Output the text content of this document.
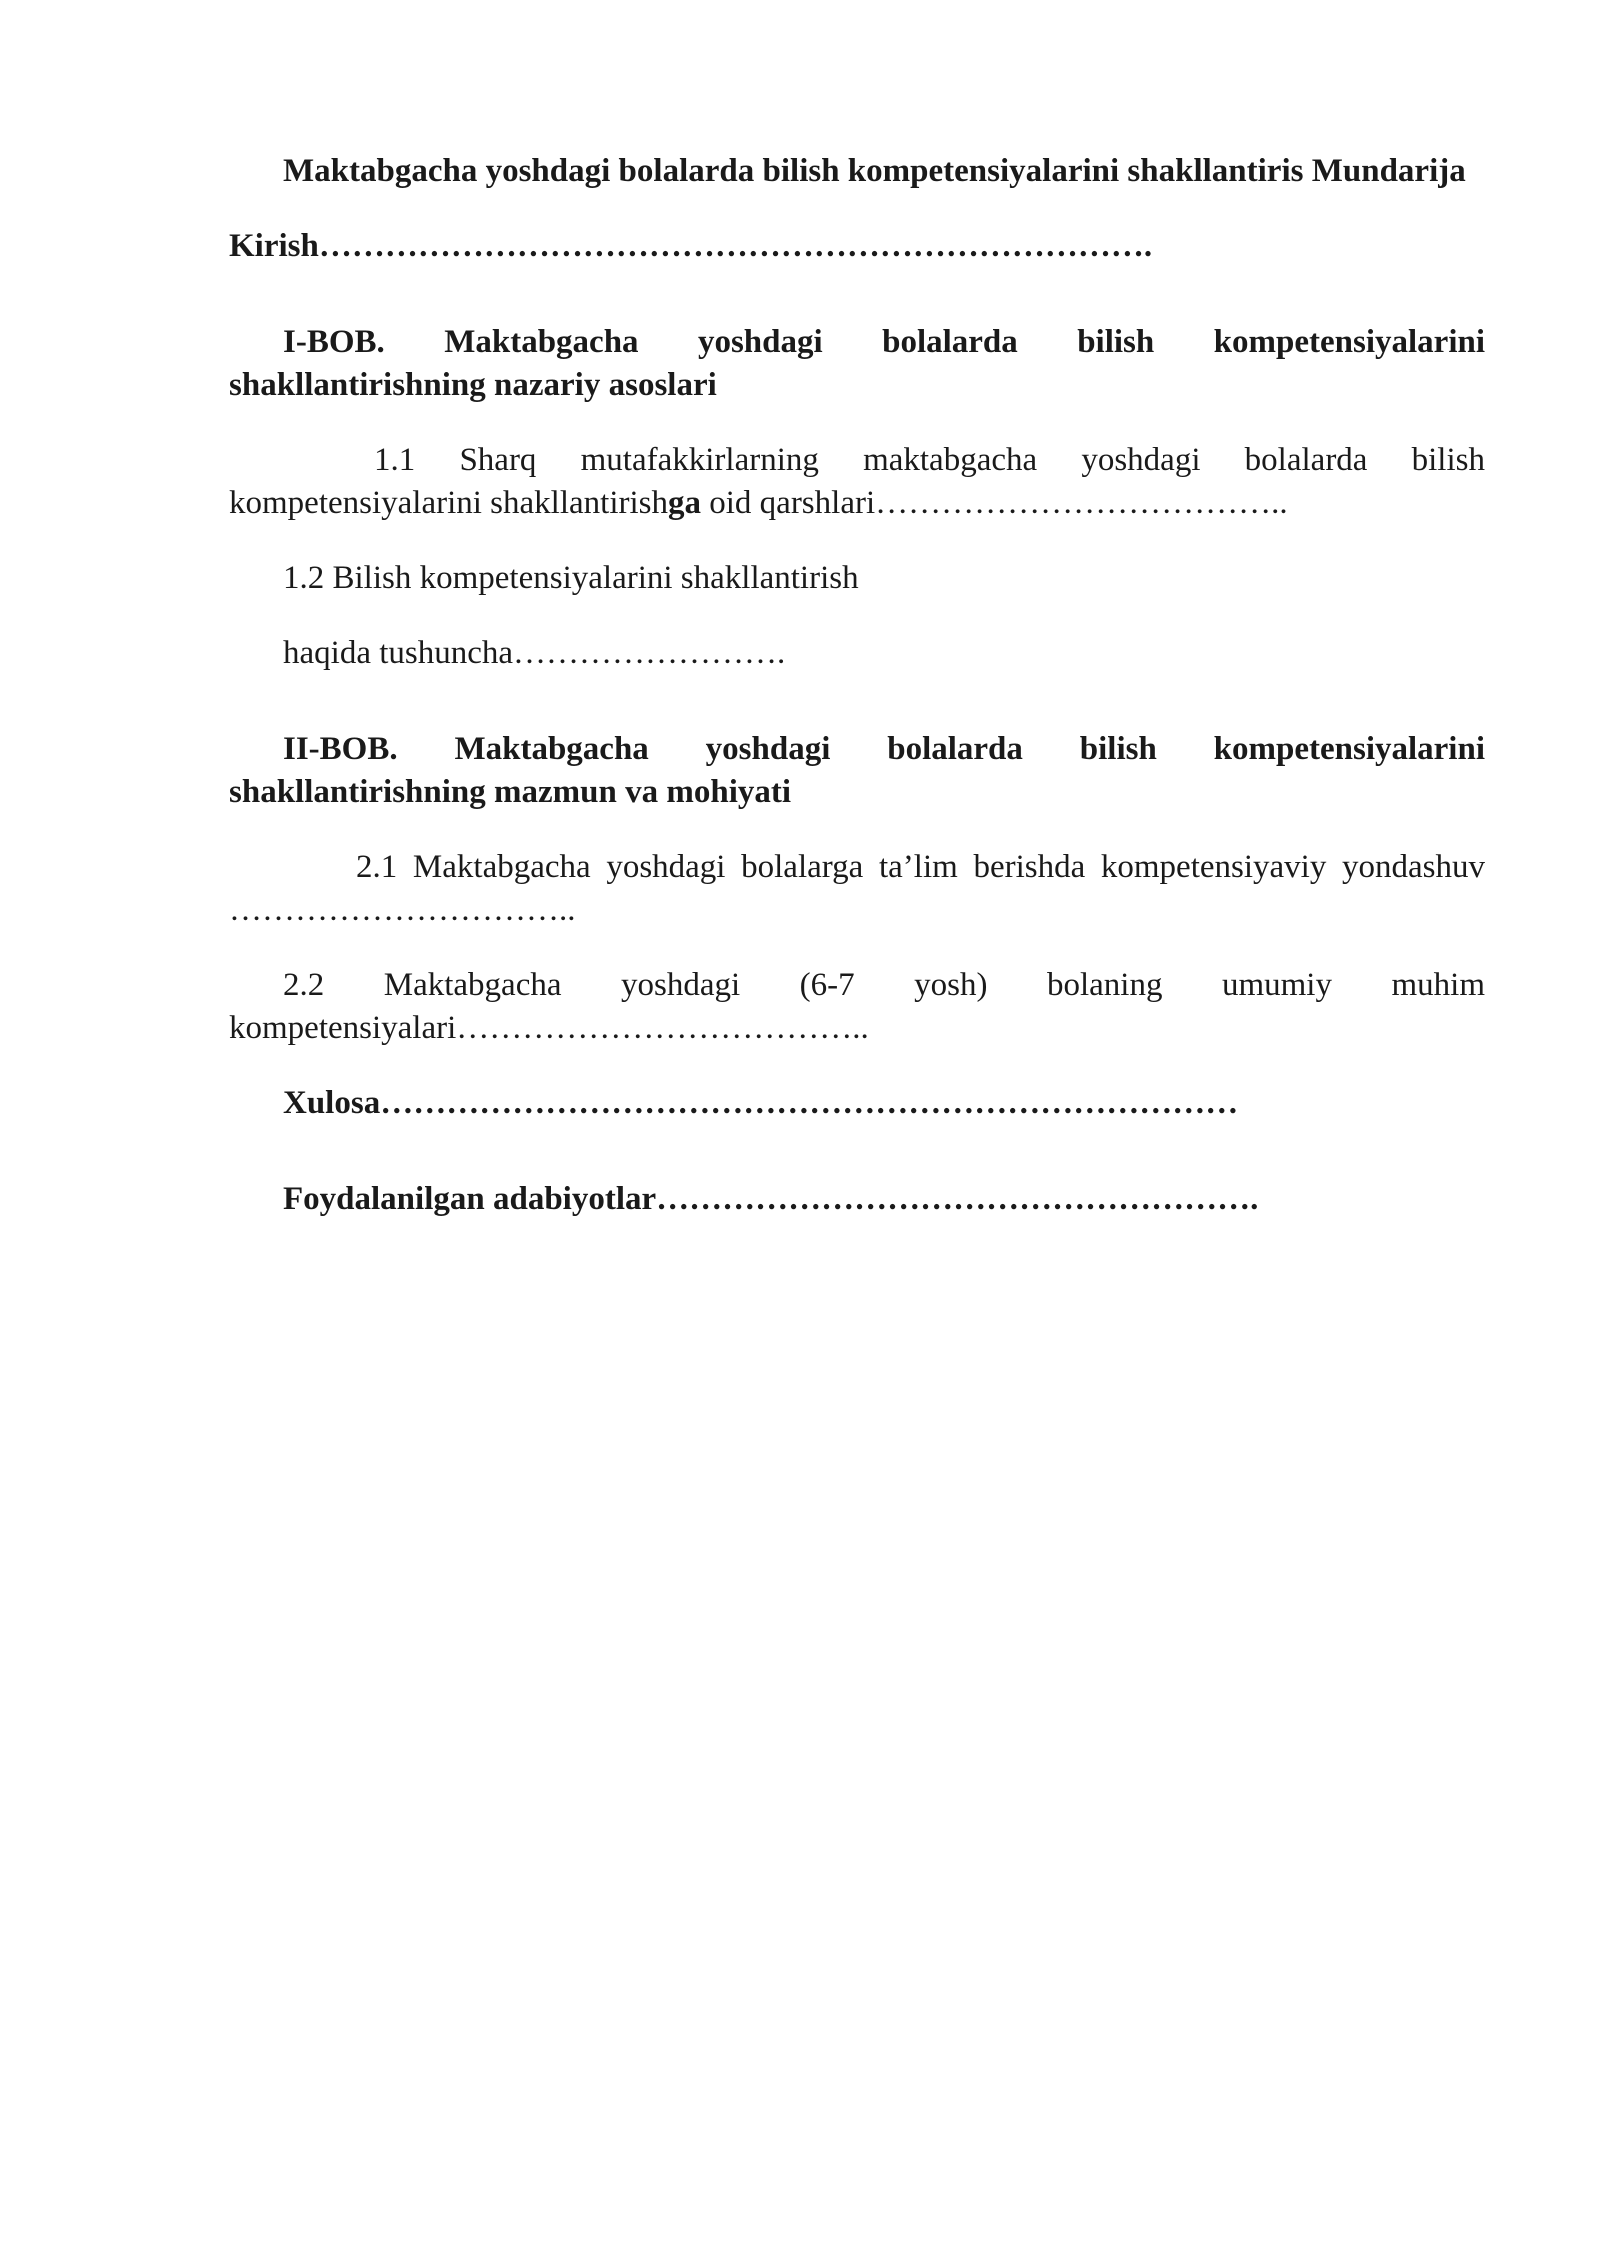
Maktabgacha yoshdagi bolalarda bilish kompetensiyalarini shakllantiris Mundarija

Kirish………………………………………………………………….

I-BOB. Maktabgacha yoshdagi bolalarda bilish kompetensiyalarini shakllantirishning nazariy asoslari

1.1 Sharq mutafakkirlarning maktabgacha yoshdagi bolalarda bilish kompetensiyalarini shakllantirishga oid qarshlari………………………………..

1.2 Bilish kompetensiyalarini shakllantirish

haqida tushuncha…………………….

II-BOB. Maktabgacha yoshdagi bolalarda bilish kompetensiyalarini shakllantirishning mazmun va mohiyati

2.1 Maktabgacha yoshdagi bolalarga ta’lim berishda kompetensiyaviy yondashuv …………………………..

2.2 Maktabgacha yoshdagi (6-7 yosh) bolaning umumiy muhim kompetensiyalari………………………………..

Xulosa……………………………………………………………………

Foydalanilgan adabiyotlar……………………………………………….
